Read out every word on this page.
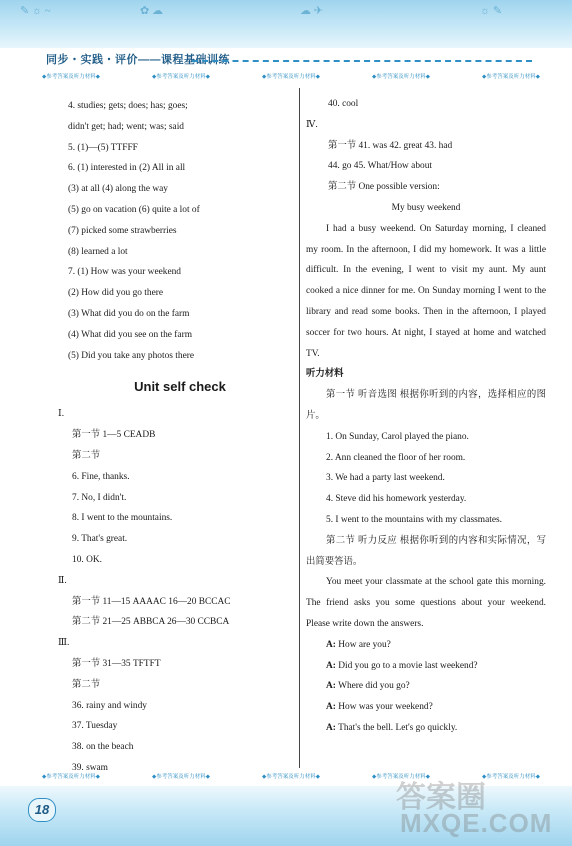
✎ ☼ ~	✿ ☁	☁ ✈	☼ ✎
同步・实践・评价——课程基础训练
◆参考答案及听力材料◆	◆参考答案及听力材料◆	◆参考答案及听力材料◆	◆参考答案及听力材料◆	◆参考答案及听力材料◆
4. studies; gets; does; has; goes;
didn't get; had; went; was; said
5. (1)—(5) TTFFF
6. (1) interested in (2) All in all
(3) at all (4) along the way
(5) go on vacation (6) quite a lot of
(7) picked some strawberries
(8) learned a lot
7. (1) How was your weekend
(2) How did you go there
(3) What did you do on the farm
(4) What did you see on the farm
(5) Did you take any photos there
Unit self check
Ⅰ.
第一节 1—5 CEADB
第二节
6. Fine, thanks.
7. No, I didn't.
8. I went to the mountains.
9. That's great.
10. OK.
Ⅱ.
第一节 11—15 AAAAC 16—20 BCCAC
第二节 21—25 ABBCA 26—30 CCBCA
Ⅲ.
第一节 31—35 TFTFT
第二节
36. rainy and windy
37. Tuesday
38. on the beach
39. swam
40. cool
Ⅳ.
第一节 41. was 42. great 43. had
44. go 45. What/How about
第二节 One possible version:
My busy weekend
I had a busy weekend. On Saturday morning, I cleaned my room. In the afternoon, I did my homework. It was a little difficult. In the evening, I went to visit my aunt. My aunt cooked a nice dinner for me. On Sunday morning I went to the library and read some books. Then in the afternoon, I played soccer for two hours. At night, I stayed at home and watched TV.
听力材料
第一节 听音选图 根据你听到的内容，选择相应的图片。
1. On Sunday, Carol played the piano.
2. Ann cleaned the floor of her room.
3. We had a party last weekend.
4. Steve did his homework yesterday.
5. I went to the mountains with my classmates.
第二节 听力反应 根据你听到的内容和实际情况，写出简要答语。
You meet your classmate at the school gate this morning. The friend asks you some questions about your weekend. Please write down the answers.
A: How are you?
A: Did you go to a movie last weekend?
A: Where did you go?
A: How was your weekend?
A: That's the bell. Let's go quickly.
◆参考答案及听力材料◆	◆参考答案及听力材料◆	◆参考答案及听力材料◆	◆参考答案及听力材料◆	◆参考答案及听力材料◆
18	答案圈
MXQE.COM
